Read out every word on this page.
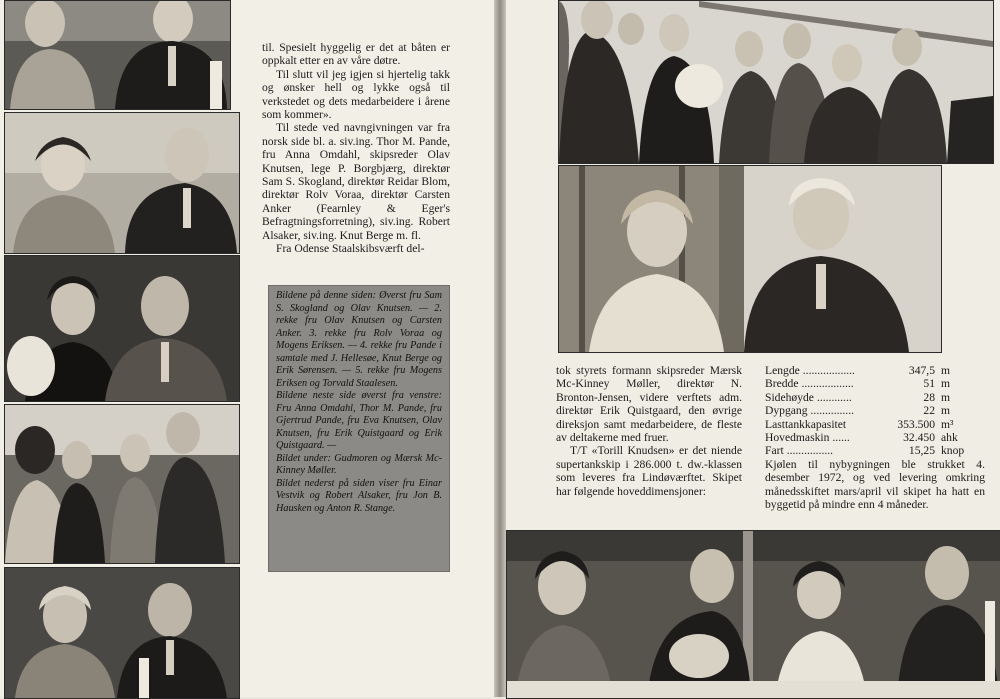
til. Spesielt hyggelig er det at båten er oppkalt etter en av våre døtre.

Til slutt vil jeg igjen si hjertelig takk og ønsker hell og lykke også til verkstedet og dets medarbeidere i årene som kommer».

Til stede ved navngivningen var fra norsk side bl. a. siv.ing. Thor M. Pande, fru Anna Omdahl, skipsreder Olav Knutsen, lege P. Borgbjærg, direktør Sam S. Skogland, direktør Reidar Blom, direktør Rolv Voraa, direktør Carsten Anker (Fearnley & Eger's Befragtningsforretning), siv.ing. Robert Alsaker, siv.ing. Knut Berge m. fl.

Fra Odense Staalskibsværft del-

Bildene på denne siden: Øverst fru Sam S. Skogland og Olav Knutsen. — 2. rekke fru Olav Knutsen og Carsten Anker. 3. rekke fru Rolv Voraa og Mogens Eriksen. — 4. rekke fru Pande i samtale med J. Hellesøe, Knut Berge og Erik Sørensen. — 5. rekke fru Mogens Eriksen og Torvald Staalesen.

Bildene neste side øverst fra venstre: Fru Anna Omdahl, Thor M. Pande, fru Gjertrud Pande, fru Eva Knutsen, Olav Knutsen, fru Erik Quistgaard og Erik Quistgaard. —

Bildet under: Gudmoren og Mærsk Mc-Kinney Møller.

Bildet nederst på siden viser fru Einar Vestvik og Robert Alsaker, fru Jon B. Hausken og Anton R. Stange.

tok styrets formann skipsreder Mærsk Mc-Kinney Møller, direktør N. Bronton-Jensen, videre verftets adm. direktør Erik Quistgaard, den øvrige direksjon samt medarbeidere, de fleste av deltakerne med fruer.

T/T «Torill Knudsen» er det niende supertankskip i 286.000 t. dw.-klassen som leveres fra Lindøværftet. Skipet har følgende hoveddimensjoner:

Lengde ..................	347,5	m
Bredde ..................	51	m
Sidehøyde ............	28	m
Dypgang ...............	22	m
Lasttankkapasitet	353.500	m³
Hovedmaskin ......	32.450	ahk
Fart ................	15,25	knop

Kjølen til nybygningen ble strukket 4. desember 1972, og ved levering omkring månedsskiftet mars/april vil skipet ha hatt en byggetid på mindre enn 4 måneder.
